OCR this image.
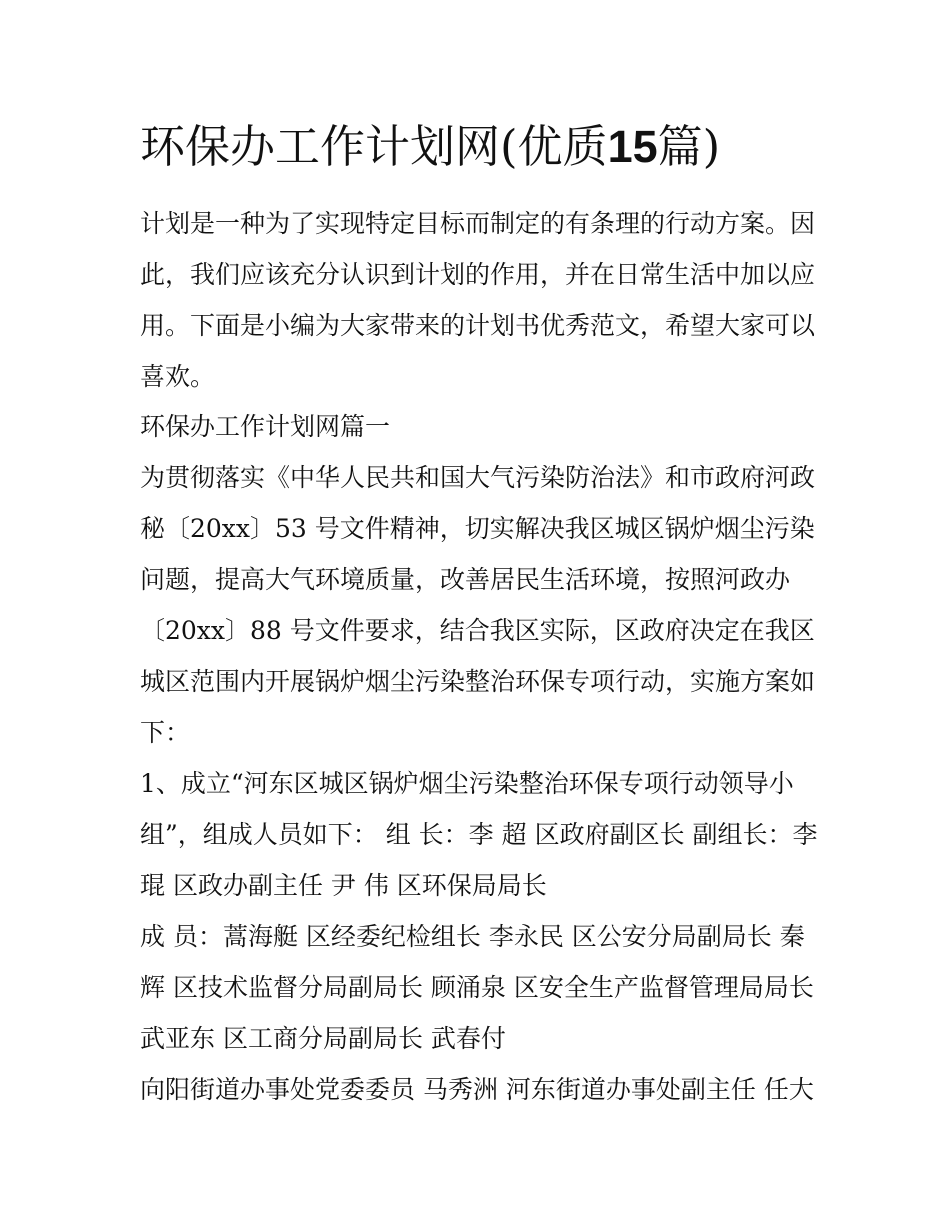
环保办工作计划网(优质15篇)
计划是一种为了实现特定目标而制定的有条理的行动方案。因
此，我们应该充分认识到计划的作用，并在日常生活中加以应
用。下面是小编为大家带来的计划书优秀范文，希望大家可以
喜欢。
环保办工作计划网篇一
为贯彻落实《中华人民共和国大气污染防治法》和市政府河政
秘〔20xx〕53 号文件精神，切实解决我区城区锅炉烟尘污染
问题，提高大气环境质量，改善居民生活环境，按照河政办
〔20xx〕88 号文件要求，结合我区实际，区政府决定在我区
城区范围内开展锅炉烟尘污染整治环保专项行动，实施方案如
下：
1、成立“河东区城区锅炉烟尘污染整治环保专项行动领导小
组”，组成人员如下： 组 长：李 超 区政府副区长 副组长：李
琨 区政办副主任 尹 伟 区环保局局长
成 员：蒿海艇 区经委纪检组长 李永民 区公安分局副局长 秦
辉 区技术监督分局副局长 顾涌泉 区安全生产监督管理局局长
武亚东 区工商分局副局长 武春付
向阳街道办事处党委委员 马秀洲 河东街道办事处副主任 任大
